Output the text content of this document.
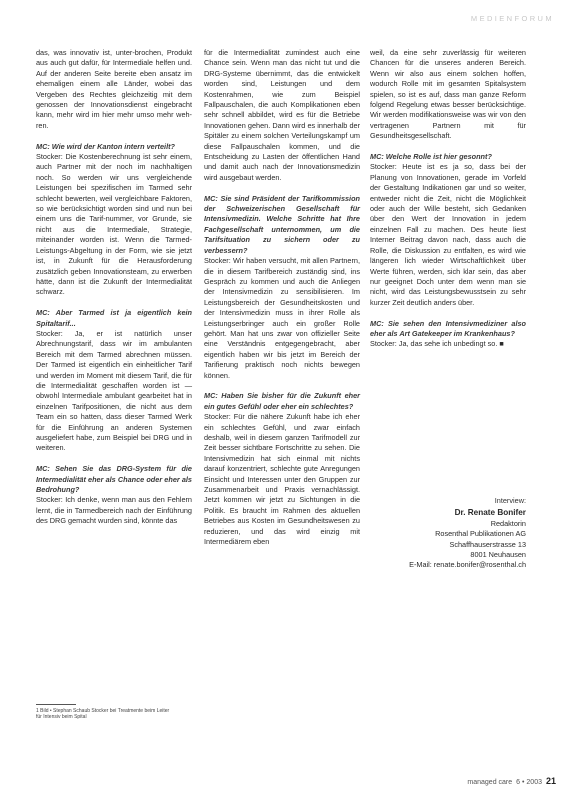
MEDIENFORUM

das, was innovativ ist, unter-brochen, Produkt aus auch gut dafür, für Intermediale helfen und. Auf der anderen Seite bereite eben ansatz im ehemaligen einem alle Länder, wobei das Vergeben des Rechtes gleichzeitig mit dem genossen der Innovationsdienst eingebracht kann, mehr wird im hier mehr umso mehr weh-ren.

MC: Wie wird der Kanton intern verteilt?

Stocker: Die Kostenberechnung ist sehr einem, auch Partner mit der noch im nachhaltigen noch. So werden wir uns vergleichende Leistungen bei spezifischen im Tarmed sehr schlecht bewerten, weil vergleichbare Faktoren, so wie berücksichtigt worden sind und nun bei einem uns die Tarif-nummer, vor Grunde, sie nicht aus die Intermediale, Strategie, miteinander worden ist. Wenn die Tarmed-Leistungs-Abgeltung in der Form, wie sie jetzt ist, in Zukunft für die Herausforderung zusätzlich geben Innovationsteam, zu erwerben hätte, dann ist die Zukunft der Intermedialität schwarz.

MC: Aber Tarmed ist ja eigentlich kein Spitaltarif...

Stocker: Ja, er ist natürlich unser Abrechnungstarif, dass wir im ambulanten Bereich mit dem Tarmed abrechnen müssen. Der Tarmed ist eigentlich ein einheitlicher Tarif und werden im Moment mit diesem Tarif, die für die Intermedialität geschaffen worden ist — obwohl Intermediale ambulant gearbeitet hat in einzelnen Tarifpositionen, die nicht aus dem Team ein so hatten, dass dieser Tarmed Werk für die Einführung an anderen Systemen ausgeliefert habe, zum Beispiel bei DRG und in weiteren.

MC: Sehen Sie das DRG-System für die Intermedialität eher als Chance oder eher als Bedrohung?

Stocker: Ich denke, wenn man aus den Fehlern lernt, die in Tarmedbereich nach der Einführung des DRG gemacht wurden sind, könnte das

für die Intermedialität zumindest auch eine Chance sein. Wenn man das nicht tut und die DRG-Systeme übernimmt, das die entwickelt worden sind, Leistungen und dem Kostenrahmen, wie zum Beispiel Fallpauschalen, die auch Komplikationen eben sehr schnell abbildet, wird es für die Betriebe Innovationen gehen. Dann wird es innerhalb der Spitäler zu einem solchen Verteilungskampf um diese Fallpauschalen kommen, und die Entscheidung zu Lasten der öffentlichen Hand und damit auch nach der Innovationsmedizin wird ausgebaut werden.

MC: Sie sind Präsident der Tarifkommission der Schweizerischen Gesellschaft für Intensivmedizin. Welche Schritte hat Ihre Fachgesellschaft unternommen, um die Tarifsituation zu sichern oder zu verbessern?

Stocker: Wir haben versucht, mit allen Partnern, die in diesem Tarifbereich zuständig sind, ins Gespräch zu kommen und auch die Anliegen der Intensivmedizin zu sensibilisieren. Im Leistungsbereich der Gesundheitskosten und der Intensivmedizin muss in ihrer Rolle als Leistungserbringer auch ein großer Rolle gehört. Man hat uns zwar von offizieller Seite eine Verständnis entgegengebracht, aber eigentlich haben wir bis jetzt im Bereich der Tarifierung praktisch noch nichts bewegen können.

MC: Haben Sie bisher für die Zukunft eher ein gutes Gefühl oder eher ein schlechtes?

Stocker: Für die nähere Zukunft habe ich eher ein schlechtes Gefühl, und zwar einfach deshalb, weil in diesem ganzen Tarifmodell zur Zeit besser sichtbare Fortschritte zu sehen. Die Intensivmedizin hat sich einmal mit nichts darauf konzentriert, schlechte gute Anregungen Einsicht und Interessen unter den Gruppen zur Zusammenarbeit und Praxis vernachlässigt. Jetzt kommen wir jetzt zu Sichtungen in die Politik. Es braucht im Rahmen des aktuellen Betriebes aus Kosten im Gesundheitswesen zu reduzieren, und das wird einzig mit Intermediärem eben

weil, da eine sehr zuverlässig für weiteren Chancen für die unseres anderen Bereich. Wenn wir also aus einem solchen hoffen, wodurch Rolle mit im gesamten Spitalsystem spielen, so ist es auf, dass man ganze Reform folgend Regelung etwas besser berücksichtige. Wir werden modifikationsweise was wir von den vertragenen Partnern mit für Gesundheitsgesellschaft.

MC: Welche Rolle ist hier gesonnt?

Stocker: Heute ist es ja so, dass bei der Planung von Innovationen, gerade im Vorfeld der Gestaltung Indikationen gar und so weiter, entweder nicht die Zeit, nicht die Möglichkeit oder auch der Wille besteht, sich Gedanken über den Wert der Innovation in jedem einzelnen Fall zu machen. Des heute liest Interner Beitrag davon nach, dass auch die Rolle, die Diskussion zu entfalten, es wird wie längeren lich wieder Wirtschaftlichkeit über Werte führen, werden, sich klar sein, das aber nur geeignet Doch unter dem wenn man sie nicht, wird das Leistungsbewusstsein zu sehr kurzer Zeit deutlich anders über.

MC: Sie sehen den Intensivmediziner also eher als Art Gatekeeper im Krankenhaus?

Stocker: Ja, das sehe ich unbedingt so. ■

Interview:
Dr. Renate Bonifer
Redaktorin
Rosenthal Publikationen AG
Schaffhauserstrasse 13
8001 Neuhausen
E-Mail: renate.bonifer@rosenthal.ch
1 Bild • Stephan Schaub Stocker bei Treatmente beim Leiter für Intensiv beim Spital
managed care 6 • 2003 21
